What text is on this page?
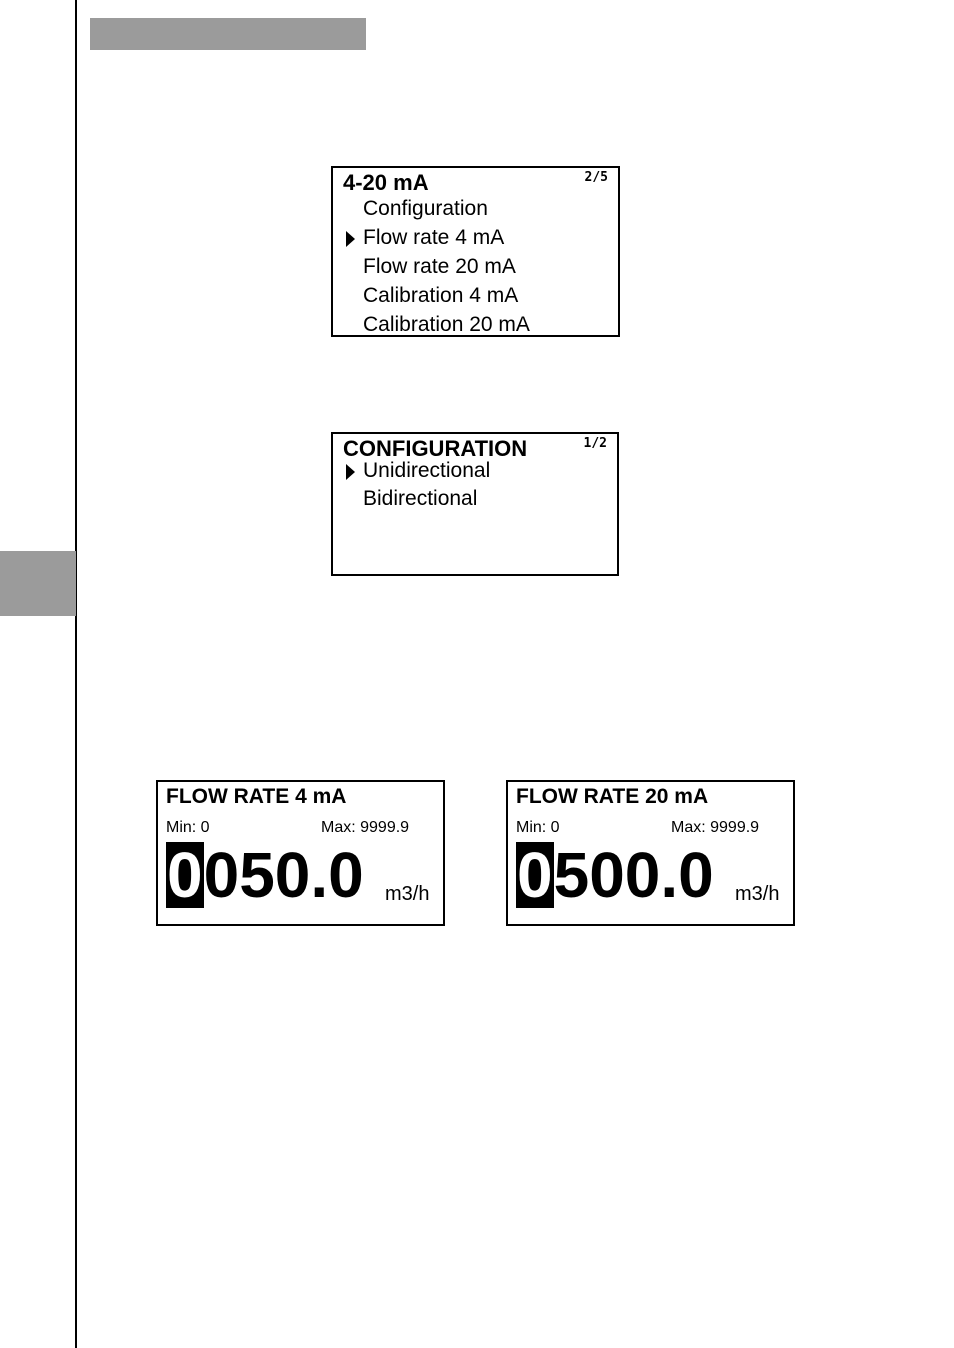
4-20 mA	2/5
Configuration
Flow rate 4 mA
Flow rate 20 mA
Calibration 4 mA
Calibration 20 mA
CONFIGURATION	1/2
Unidirectional
Bidirectional
FLOW RATE 4 mA
Min: 0	Max: 9999.9
0050.0 m3/h
FLOW RATE 20 mA
Min: 0	Max: 9999.9
0500.0 m3/h
